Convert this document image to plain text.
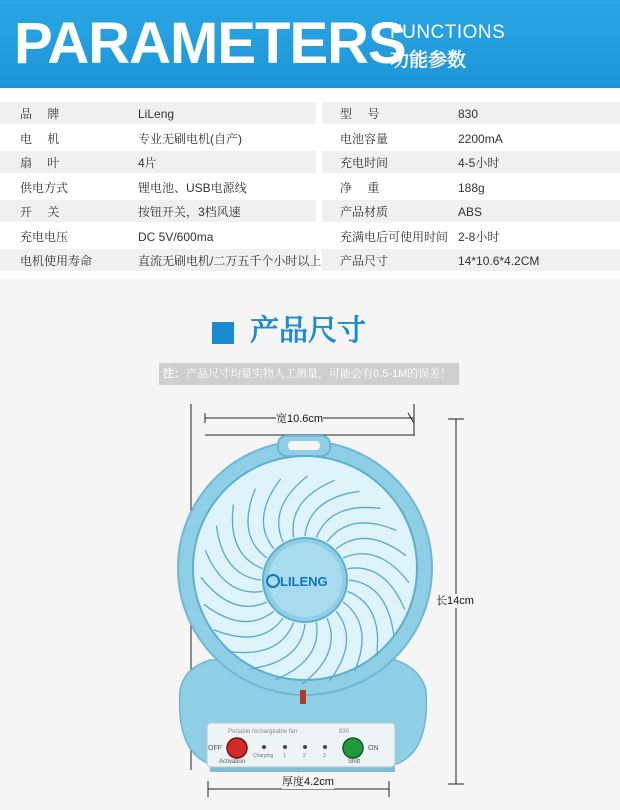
PARAMETERS
FUNCTIONS
功能参数
品　 牌	LiLeng	型　 号	830
电　 机	专业无刷电机(自产)	电池容量	2200mA
扇　 叶	4片	充电时间	4-5小时
供电方式	锂电池、USB电源线	净　 重	188g
开　 关	按钮开关，3档风速	产品材质	ABS
充电电压	DC 5V/600ma	充满电后可使用时间 2-8小时
电机使用寿命	直流无刷电机/二万五千个小时以上 产品尺寸	14*10.6*4.2CM
产品尺寸
注： 产品尺寸均是实物人工测量，可能会有0.5-1M的误差！
LILENG
Portable rechargeable fan	830
OFF	ON
Activation	Shift
Charging 1	2	3
宽10.6cm
长14cm
厚度4.2cm
